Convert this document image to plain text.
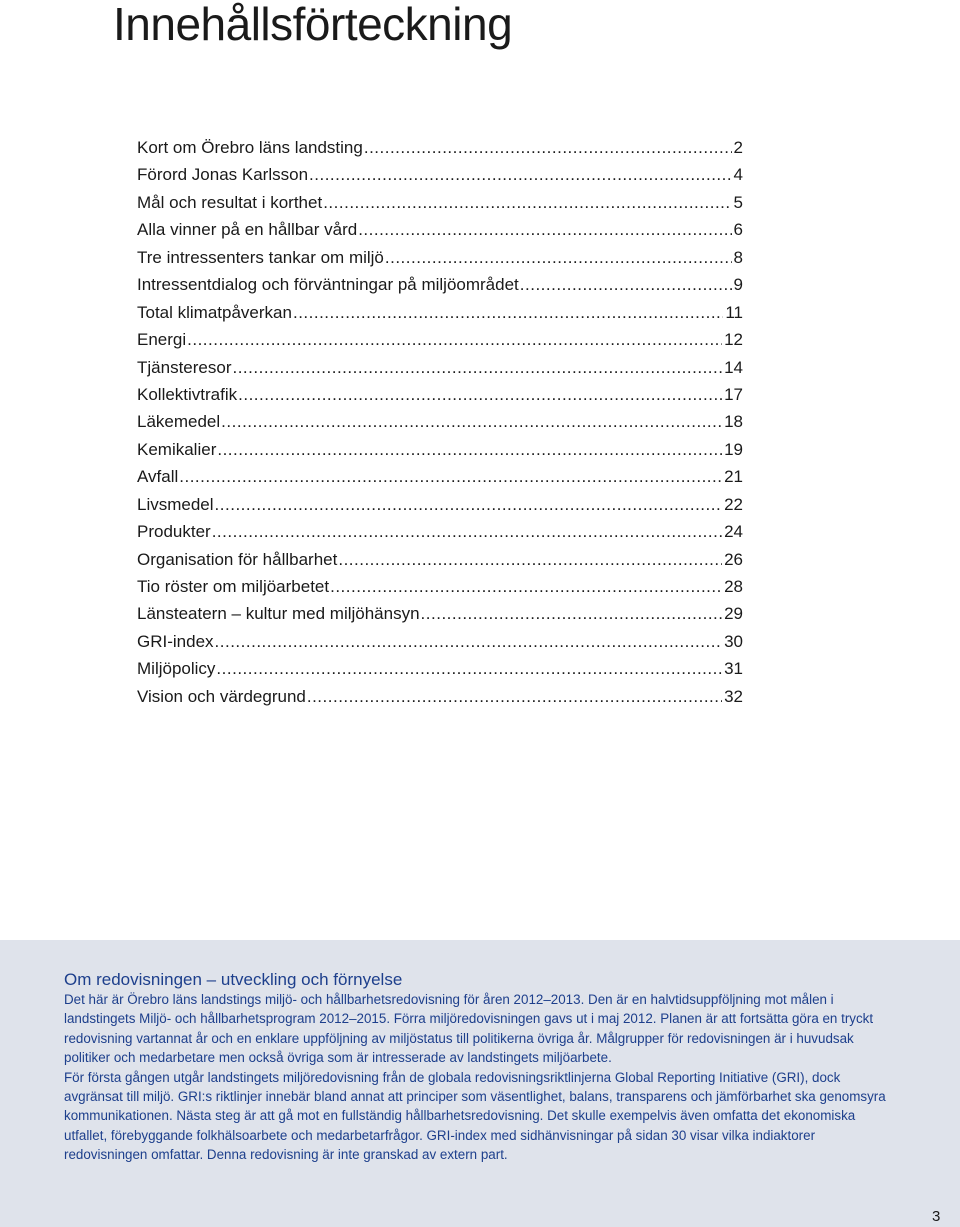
Innehållsförteckning
Kort om Örebro läns landsting .....	2
Förord Jonas Karlsson .....	4
Mål och resultat i korthet .....	5
Alla vinner på en hållbar vård .....	6
Tre intressenters tankar om miljö .....	8
Intressentdialog och förväntningar på miljöområdet .....	9
Total klimatpåverkan .....	11
Energi .....	12
Tjänsteresor .....	14
Kollektivtrafik .....	17
Läkemedel .....	18
Kemikalier .....	19
Avfall .....	21
Livsmedel .....	22
Produkter .....	24
Organisation för hållbarhet .....	26
Tio röster om miljöarbetet .....	28
Länsteatern – kultur med miljöhänsyn .....	29
GRI-index .....	30
Miljöpolicy .....	31
Vision och värdegrund .....	32
Om redovisningen – utveckling och förnyelse

Det här är Örebro läns landstings miljö- och hållbarhetsredovisning för åren 2012–2013. Den är en halvtidsuppföljning mot målen i landstingets Miljö- och hållbarhetsprogram 2012–2015. Förra miljöredovisningen gavs ut i maj 2012. Planen är att fortsätta göra en tryckt redovisning vartannat år och en enklare uppföljning av miljöstatus till politikerna övriga år. Målgrupper för redovisningen är i huvudsak politiker och medarbetare men också övriga som är intresserade av landstingets miljöarbete.

För första gången utgår landstingets miljöredovisning från de globala redovisningsriktlinjerna Global Reporting Initiative (GRI), dock avgränsat till miljö. GRI:s riktlinjer innebär bland annat att principer som väsentlighet, balans, transparens och jämförbarhet ska genomsyra kommunikationen. Nästa steg är att gå mot en fullständig hållbarhetsredovisning. Det skulle exempelvis även omfatta det ekonomiska utfallet, förebyggande folkhälsoarbete och medarbetarfrågor. GRI-index med sidhänvisningar på sidan 30 visar vilka indiaktorer redovisningen omfattar. Denna redovisning är inte granskad av extern part.

3
